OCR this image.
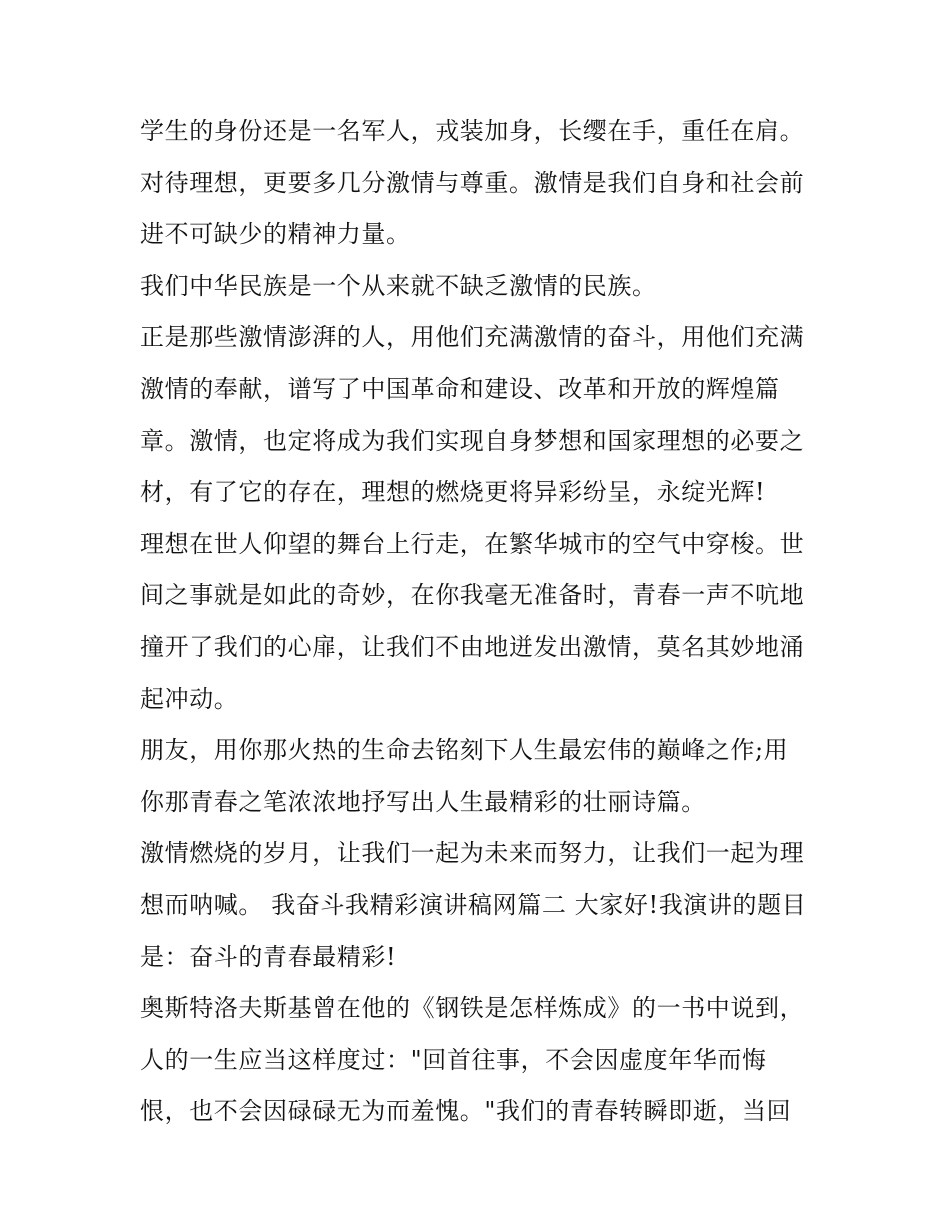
学生的身份还是一名军人，戎装加身，长缨在手，重任在肩。
对待理想，更要多几分激情与尊重。激情是我们自身和社会前
进不可缺少的精神力量。
我们中华民族是一个从来就不缺乏激情的民族。
正是那些激情澎湃的人，用他们充满激情的奋斗，用他们充满
激情的奉献，谱写了中国革命和建设、改革和开放的辉煌篇
章。激情，也定将成为我们实现自身梦想和国家理想的必要之
材，有了它的存在，理想的燃烧更将异彩纷呈，永绽光辉!
理想在世人仰望的舞台上行走，在繁华城市的空气中穿梭。世
间之事就是如此的奇妙，在你我毫无准备时，青春一声不吭地
撞开了我们的心扉，让我们不由地迸发出激情，莫名其妙地涌
起冲动。
朋友，用你那火热的生命去铭刻下人生最宏伟的巅峰之作;用
你那青春之笔浓浓地抒写出人生最精彩的壮丽诗篇。
激情燃烧的岁月，让我们一起为未来而努力，让我们一起为理
想而呐喊。 我奋斗我精彩演讲稿网篇二 大家好!我演讲的题目
是：奋斗的青春最精彩!
奥斯特洛夫斯基曾在他的《钢铁是怎样炼成》的一书中说到，
人的一生应当这样度过："回首往事，不会因虚度年华而悔
恨，也不会因碌碌无为而羞愧。"我们的青春转瞬即逝，当回
